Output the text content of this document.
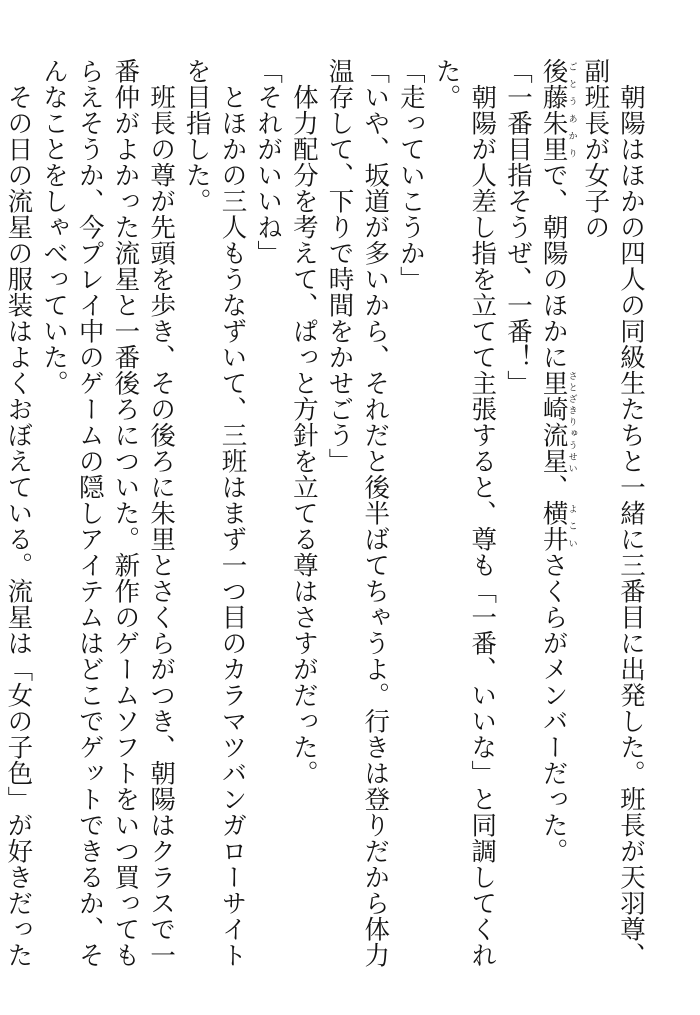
朝陽はほかの四人の同級生たちと一緒に三番目に出発した。班長が天羽尊、副班長が女子の

後藤朱里ごとうあかりで、朝陽のほかに里崎流星さとざきりゅうせい、横井よこいさくらがメンバーだった。

「一番目指そうぜ、一番！」

朝陽が人差し指を立てて主張すると、尊も「一番、いいな」と同調してくれた。

「走っていこうか」

「いや、坂道が多いから、それだと後半ばてちゃうよ。行きは登りだから体力温存して、下りで時間をかせごう」

体力配分を考えて、ぱっと方針を立てる尊はさすがだった。

「それがいいね」

とほかの三人もうなずいて、三班はまず一つ目のカラマツバンガローサイトを目指した。

班長の尊が先頭を歩き、その後ろに朱里とさくらがつき、朝陽はクラスで一番仲がよかった流星と一番後ろについた。新作のゲームソフトをいつ買ってもらえそうか、今プレイ中のゲームの隠しアイテムはどこでゲットできるか、そんなことをしゃべっていた。

その日の流星の服装はよくおぼえている。流星は「女の子色」が好きだった
